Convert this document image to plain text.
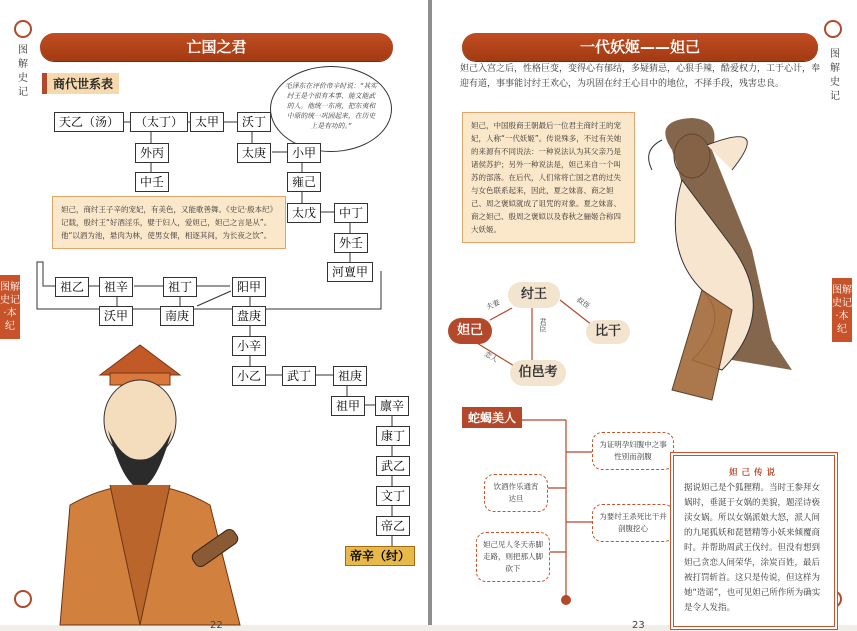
图解史记
图解史记·本纪
亡国之君
商代世系表	毛泽东在评价帝辛时说：“其实纣王是个很有本事、能文能武的人。他统一东南，把东夷和中原的统一巩固起来，在历史上是有功的。”
天乙（汤）	（太丁） 太甲	沃丁
外丙
中壬
太庚	小甲
雍己
太戊	中丁
外壬
河亶甲
祖乙	祖辛
沃甲
祖丁
南庚
阳甲
盘庚
小辛
小乙	武丁	祖庚
祖甲	廪辛
康丁
武乙
文丁
帝乙
帝辛（纣）
妲己，商纣王子辛的宠妃，有美色，又能歌善舞。《史记·殷本纪》记载，殷纣王“好酒淫乐，嬖于妇人，爱妲己，妲己之言是从”。他“以酒为池，悬肉为林，使男女倮，相逐其间，为长夜之饮”。
22
图解史记
图解史记·本纪
一代妖姬——妲己
妲己入宫之后，性格巨变，变得心有郁结，多疑猜忌，心狠手辣，酷爱权力，工于心计，奉迎有道，事事能讨纣王欢心，为巩固在纣王心目中的地位，不择手段，残害忠良。
妲己，中国殷商王朝最后一位君主商纣王的宠妃，人称“一代妖姬”。传说殊多，不过有关她的来源有不同说法：一种说法认为其父亲乃是诸侯苏护；另外一种说法是，妲己来自一个叫苏的部落。在后代，人们常将亡国之君的过失与女色联系起来，因此，夏之妹喜、商之妲己、周之褒姒就成了诅咒的对象。夏之妹喜、商之妲己、殷周之褒姒以及春秋之骊姬合称四大妖姬。
纣王
妲己	比干
伯邑考
夫妻	叔侄
君臣
恋人
蛇蝎美人
为证明孕妇腹中之事性别而剖腹
饮酒作乐通宵达旦
为要纣王杀死比干并剖腹挖心
妲己见人冬天赤脚走路，则把那人脚砍下
妲己传说
据说妲己是个狐狸精。当时王参拜女娲时，垂涎于女娲的美貌，题淫诗亵渎女娲。所以女娲派娘大怒，派人间的九尾狐妖和琵琶精等小妖来倾覆商时。并帮助周武王伐纣。但没有想到妲己贪恋人间荣华，涂炭百姓，最后被打罚斩首。这只是传说，但这样为她“造谣”，也可见妲己所作所为确实是令人发指。
23
